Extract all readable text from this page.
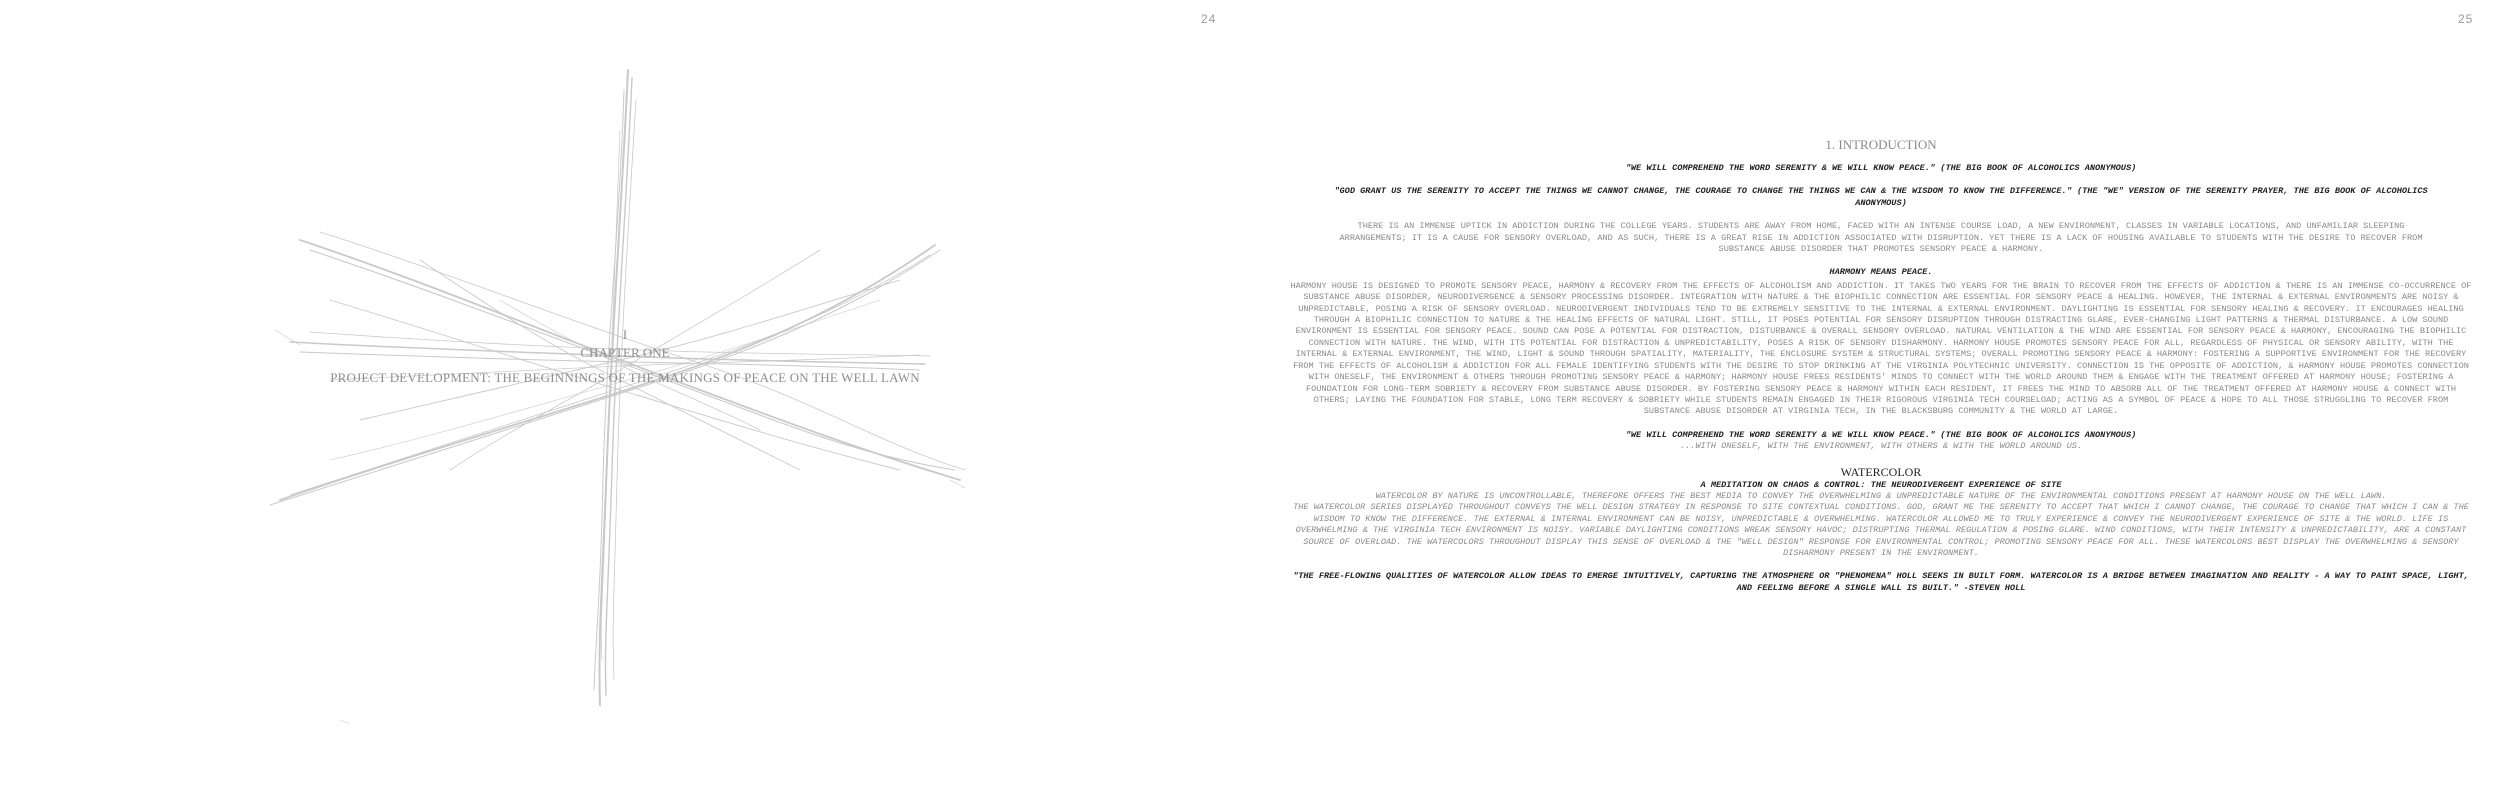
24	25
I
CHAPTER ONE
PROJECT DEVELOPMENT: THE BEGINNINGS OF THE MAKINGS OF PEACE ON THE WELL LAWN

1. INTRODUCTION

"WE WILL COMPREHEND THE WORD SERENITY & WE WILL KNOW PEACE." (THE BIG BOOK OF ALCOHOLICS ANONYMOUS)

"GOD GRANT US THE SERENITY TO ACCEPT THE THINGS WE CANNOT CHANGE, THE COURAGE TO CHANGE THE THINGS WE CAN & THE WISDOM TO KNOW THE DIFFERENCE." (THE "WE" VERSION OF THE SERENITY PRAYER, THE BIG BOOK OF ALCOHOLICS ANONYMOUS)

THERE IS AN IMMENSE UPTICK IN ADDICTION DURING THE COLLEGE YEARS. STUDENTS ARE AWAY FROM HOME, FACED WITH AN INTENSE COURSE LOAD, A NEW ENVIRONMENT, CLASSES IN VARIABLE LOCATIONS, AND UNFAMILIAR SLEEPING ARRANGEMENTS; IT IS A CAUSE FOR SENSORY OVERLOAD, AND AS SUCH, THERE IS A GREAT RISE IN ADDICTION ASSOCIATED WITH DISRUPTION. YET THERE IS A LACK OF HOUSING AVAILABLE TO STUDENTS WITH THE DESIRE TO RECOVER FROM SUBSTANCE ABUSE DISORDER THAT PROMOTES SENSORY PEACE & HARMONY.

HARMONY MEANS PEACE.

HARMONY HOUSE IS DESIGNED TO PROMOTE SENSORY PEACE, HARMONY & RECOVERY FROM THE EFFECTS OF ALCOHOLISM AND ADDICTION. IT TAKES TWO YEARS FOR THE BRAIN TO RECOVER FROM THE EFFECTS OF ADDICTION & THERE IS AN IMMENSE CO-OCCURRENCE OF SUBSTANCE ABUSE DISORDER, NEURODIVERGENCE & SENSORY PROCESSING DISORDER. INTEGRATION WITH NATURE & THE BIOPHILIC CONNECTION ARE ESSENTIAL FOR SENSORY PEACE & HEALING. HOWEVER, THE INTERNAL & EXTERNAL ENVIRONMENTS ARE NOISY & UNPREDICTABLE, POSING A RISK OF SENSORY OVERLOAD. NEURODIVERGENT INDIVIDUALS TEND TO BE EXTREMELY SENSITIVE TO THE INTERNAL & EXTERNAL ENVIRONMENT. DAYLIGHTING IS ESSENTIAL FOR SENSORY HEALING & RECOVERY. IT ENCOURAGES HEALING THROUGH A BIOPHILIC CONNECTION TO NATURE & THE HEALING EFFECTS OF NATURAL LIGHT. STILL, IT POSES POTENTIAL FOR SENSORY DISRUPTION THROUGH DISTRACTING GLARE, EVER-CHANGING LIGHT PATTERNS & THERMAL DISTURBANCE. A LOW SOUND ENVIRONMENT IS ESSENTIAL FOR SENSORY PEACE. SOUND CAN POSE A POTENTIAL FOR DISTRACTION, DISTURBANCE & OVERALL SENSORY OVERLOAD. NATURAL VENTILATION & THE WIND ARE ESSENTIAL FOR SENSORY PEACE & HARMONY, ENCOURAGING THE BIOPHILIC CONNECTION WITH NATURE. THE WIND, WITH ITS POTENTIAL FOR DISTRACTION & UNPREDICTABILITY, POSES A RISK OF SENSORY DISHARMONY. HARMONY HOUSE PROMOTES SENSORY PEACE FOR ALL, REGARDLESS OF PHYSICAL OR SENSORY ABILITY, WITH THE INTERNAL & EXTERNAL ENVIRONMENT, THE WIND, LIGHT & SOUND THROUGH SPATIALITY, MATERIALITY, THE ENCLOSURE SYSTEM & STRUCTURAL SYSTEMS; OVERALL PROMOTING SENSORY PEACE & HARMONY: FOSTERING A SUPPORTIVE ENVIRONMENT FOR THE RECOVERY FROM THE EFFECTS OF ALCOHOLISM & ADDICTION FOR ALL FEMALE IDENTIFYING STUDENTS WITH THE DESIRE TO STOP DRINKING AT THE VIRGINIA POLYTECHNIC UNIVERSITY. CONNECTION IS THE OPPOSITE OF ADDICTION, & HARMONY HOUSE PROMOTES CONNECTION WITH ONESELF, THE ENVIRONMENT & OTHERS THROUGH PROMOTING SENSORY PEACE & HARMONY; HARMONY HOUSE FREES RESIDENTS' MINDS TO CONNECT WITH THE WORLD AROUND THEM & ENGAGE WITH THE TREATMENT OFFERED AT HARMONY HOUSE; FOSTERING A FOUNDATION FOR LONG-TERM SOBRIETY & RECOVERY FROM SUBSTANCE ABUSE DISORDER. BY FOSTERING SENSORY PEACE & HARMONY WITHIN EACH RESIDENT, IT FREES THE MIND TO ABSORB ALL OF THE TREATMENT OFFERED AT HARMONY HOUSE & CONNECT WITH OTHERS; LAYING THE FOUNDATION FOR STABLE, LONG TERM RECOVERY & SOBRIETY WHILE STUDENTS REMAIN ENGAGED IN THEIR RIGOROUS VIRGINIA TECH COURSELOAD; ACTING AS A SYMBOL OF PEACE & HOPE TO ALL THOSE STRUGGLING TO RECOVER FROM SUBSTANCE ABUSE DISORDER AT VIRGINIA TECH, IN THE BLACKSBURG COMMUNITY & THE WORLD AT LARGE.

"WE WILL COMPREHEND THE WORD SERENITY & WE WILL KNOW PEACE." (THE BIG BOOK OF ALCOHOLICS ANONYMOUS)

...WITH ONESELF, WITH THE ENVIRONMENT, WITH OTHERS & WITH THE WORLD AROUND US.

WATERCOLOR

A MEDITATION ON CHAOS & CONTROL: THE NEURODIVERGENT EXPERIENCE OF SITE

WATERCOLOR BY NATURE IS UNCONTROLLABLE, THEREFORE OFFERS THE BEST MEDIA TO CONVEY THE OVERWHELMING & UNPREDICTABLE NATURE OF THE ENVIRONMENTAL CONDITIONS PRESENT AT HARMONY HOUSE ON THE WELL LAWN.

THE WATERCOLOR SERIES DISPLAYED THROUGHOUT CONVEYS THE WELL DESIGN STRATEGY IN RESPONSE TO SITE CONTEXTUAL CONDITIONS. GOD, GRANT ME THE SERENITY TO ACCEPT THAT WHICH I CANNOT CHANGE, THE COURAGE TO CHANGE THAT WHICH I CAN & THE WISDOM TO KNOW THE DIFFERENCE. THE EXTERNAL & INTERNAL ENVIRONMENT CAN BE NOISY, UNPREDICTABLE & OVERWHELMING. WATERCOLOR ALLOWED ME TO TRULY EXPERIENCE & CONVEY THE NEURODIVERGENT EXPERIENCE OF SITE & THE WORLD. LIFE IS OVERWHELMING & THE VIRGINIA TECH ENVIRONMENT IS NOISY. VARIABLE DAYLIGHTING CONDITIONS WREAK SENSORY HAVOC; DISTRUPTING THERMAL REGULATION & POSING GLARE. WIND CONDITIONS, WITH THEIR INTENSITY & UNPREDICTABILITY, ARE A CONSTANT SOURCE OF OVERLOAD. THE WATERCOLORS THROUGHOUT DISPLAY THIS SENSE OF OVERLOAD & THE "WELL DESIGN" RESPONSE FOR ENVIRONMENTAL CONTROL; PROMOTING SENSORY PEACE FOR ALL. THESE WATERCOLORS BEST DISPLAY THE OVERWHELMING & SENSORY DISHARMONY PRESENT IN THE ENVIRONMENT.

"THE FREE-FLOWING QUALITIES OF WATERCOLOR ALLOW IDEAS TO EMERGE INTUITIVELY, CAPTURING THE ATMOSPHERE OR "PHENOMENA" HOLL SEEKS IN BUILT FORM. WATERCOLOR IS A BRIDGE BETWEEN IMAGINATION AND REALITY - A WAY TO PAINT SPACE, LIGHT, AND FEELING BEFORE A SINGLE WALL IS BUILT." -STEVEN HOLL
